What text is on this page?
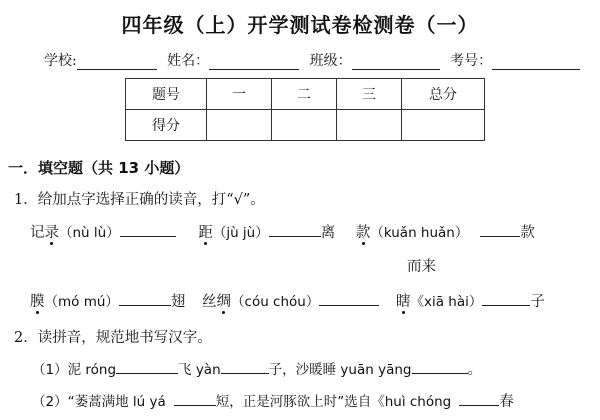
四年级（上）开学测试卷检测卷（一）
学校:	姓名：	班级：	考号：
题号	一	二	三	总分
得分				
一．填空题（共 13 小题）
1．给加点字选择正确的读音，打“√”。
记录（nù lù）	距（jù jù）	离 款（kuǎn huǎn）	款
而来
膜（mó mú）	翅 丝绸（cóu chóu）	瞎《xiā hài）	子
2．读拼音，规范地书写汉字。
（1）泥 róng	飞 yàn	子，沙暖睡 yuān yāng	。
（2）“萎蒿满地 lú yá	短，正是河豚欲上时”选自《huì chóng	春
